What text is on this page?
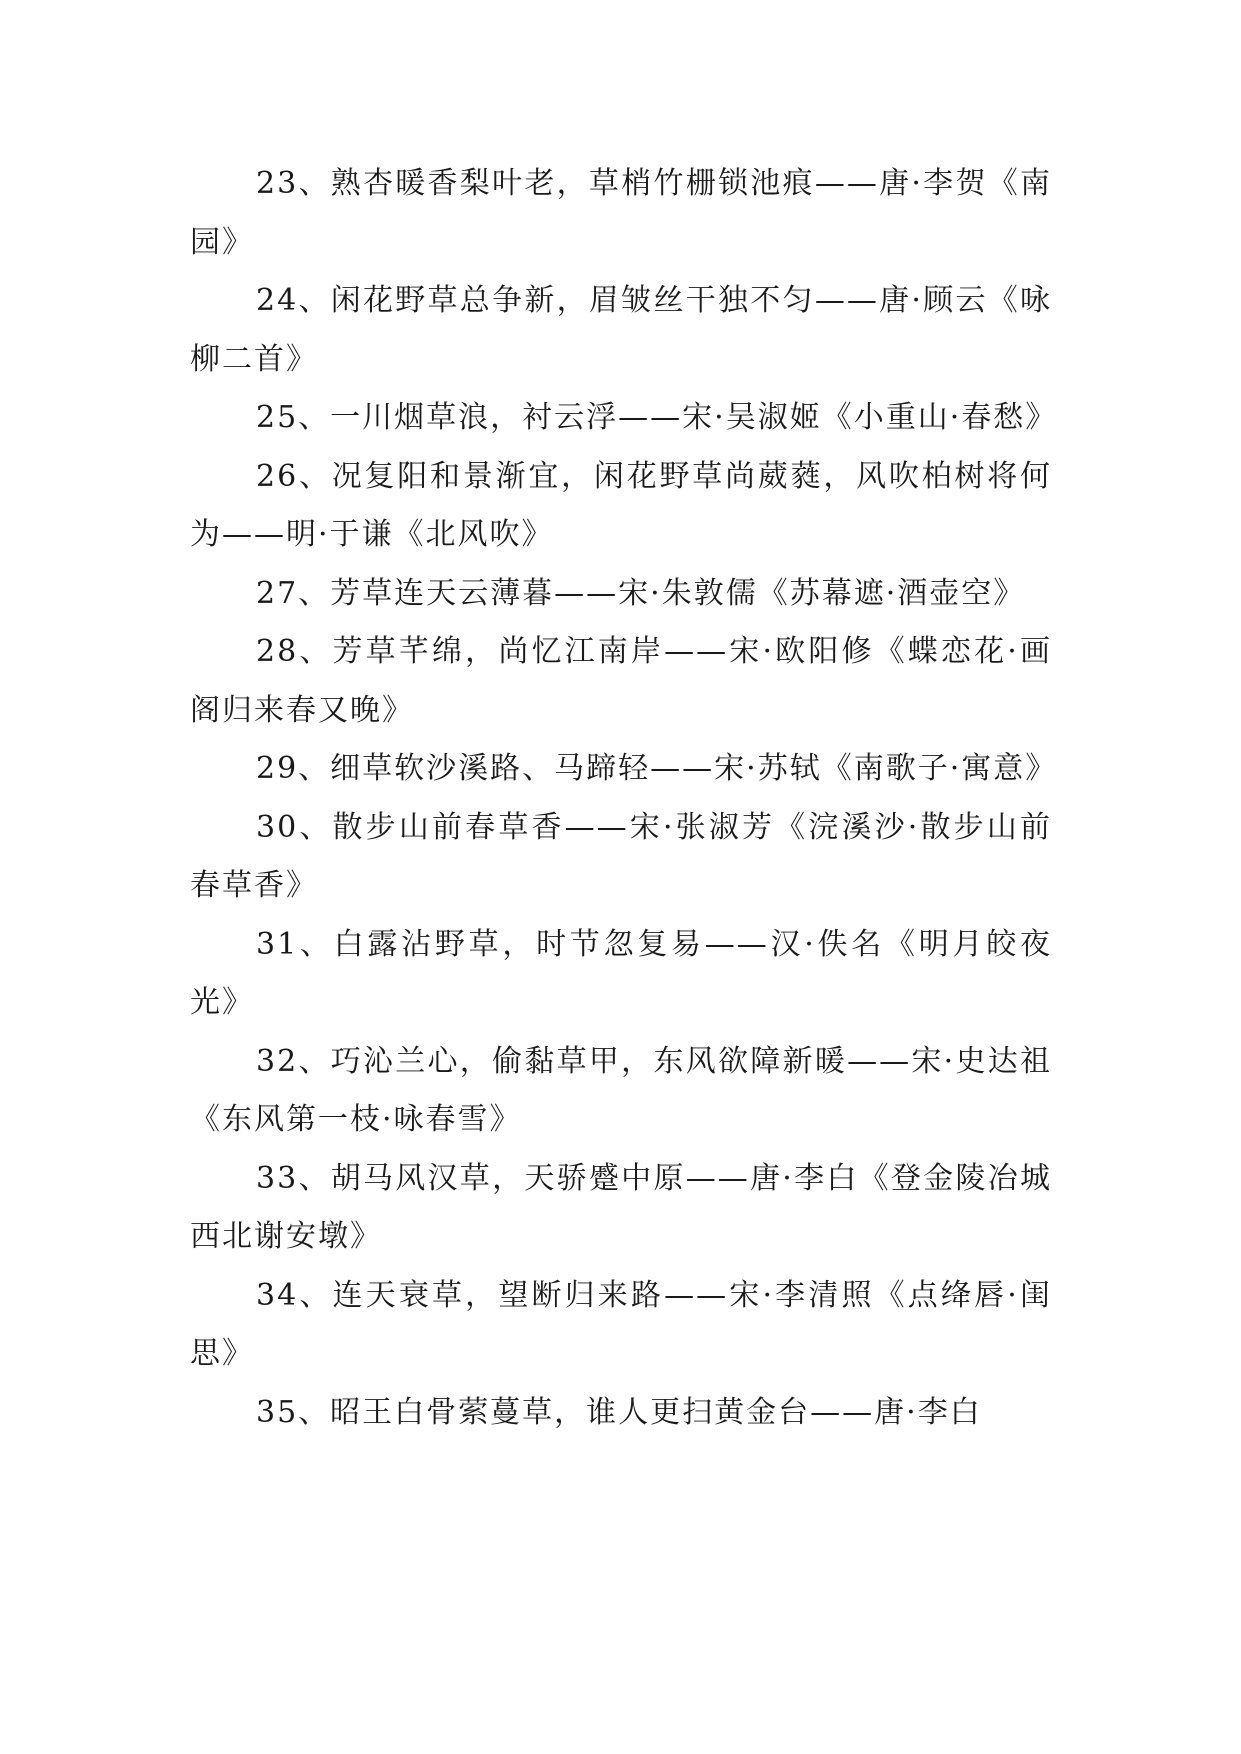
23、熟杏暖香梨叶老，草梢竹栅锁池痕——唐·李贺《南园》

24、闲花野草总争新，眉皱丝干独不匀——唐·顾云《咏柳二首》

25、一川烟草浪，衬云浮——宋·吴淑姬《小重山·春愁》

26、况复阳和景渐宜，闲花野草尚葳蕤，风吹柏树将何为——明·于谦《北风吹》

27、芳草连天云薄暮——宋·朱敦儒《苏幕遮·酒壶空》

28、芳草芊绵，尚忆江南岸——宋·欧阳修《蝶恋花·画阁归来春又晚》

29、细草软沙溪路、马蹄轻——宋·苏轼《南歌子·寓意》

30、散步山前春草香——宋·张淑芳《浣溪沙·散步山前春草香》

31、白露沾野草，时节忽复易——汉·佚名《明月皎夜光》

32、巧沁兰心，偷黏草甲，东风欲障新暖——宋·史达祖《东风第一枝·咏春雪》

33、胡马风汉草，天骄蹙中原——唐·李白《登金陵冶城西北谢安墩》

34、连天衰草，望断归来路——宋·李清照《点绛唇·闺思》

35、昭王白骨萦蔓草，谁人更扫黄金台——唐·李白
